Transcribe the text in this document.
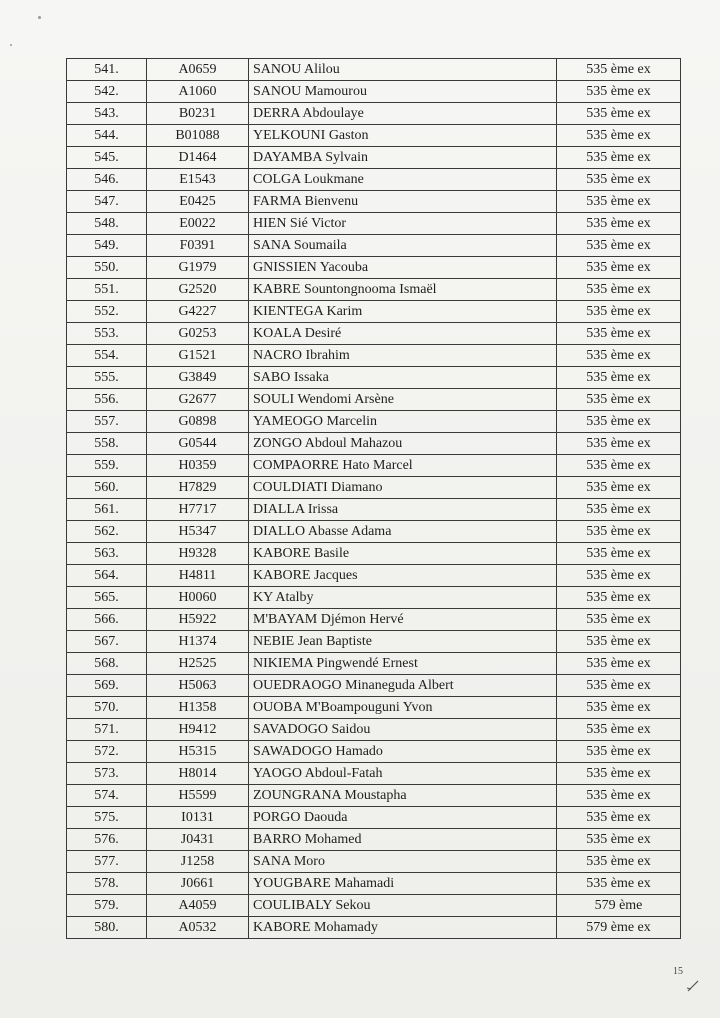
541.	A0659	SANOU Alilou	535 ème ex
542.	A1060	SANOU Mamourou	535 ème ex
543.	B0231	DERRA Abdoulaye	535 ème ex
544.	B01088	YELKOUNI Gaston	535 ème ex
545.	D1464	DAYAMBA Sylvain	535 ème ex
546.	E1543	COLGA Loukmane	535 ème ex
547.	E0425	FARMA Bienvenu	535 ème ex
548.	E0022	HIEN Sié Victor	535 ème ex
549.	F0391	SANA Soumaila	535 ème ex
550.	G1979	GNISSIEN Yacouba	535 ème ex
551.	G2520	KABRE Sountongnooma Ismaël	535 ème ex
552.	G4227	KIENTEGA Karim	535 ème ex
553.	G0253	KOALA Desiré	535 ème ex
554.	G1521	NACRO Ibrahim	535 ème ex
555.	G3849	SABO Issaka	535 ème ex
556.	G2677	SOULI Wendomi Arsène	535 ème ex
557.	G0898	YAMEOGO Marcelin	535 ème ex
558.	G0544	ZONGO Abdoul Mahazou	535 ème ex
559.	H0359	COMPAORRE Hato Marcel	535 ème ex
560.	H7829	COULDIATI Diamano	535 ème ex
561.	H7717	DIALLA Irissa	535 ème ex
562.	H5347	DIALLO Abasse Adama	535 ème ex
563.	H9328	KABORE Basile	535 ème ex
564.	H4811	KABORE Jacques	535 ème ex
565.	H0060	KY Atalby	535 ème ex
566.	H5922	M'BAYAM Djémon Hervé	535 ème ex
567.	H1374	NEBIE Jean Baptiste	535 ème ex
568.	H2525	NIKIEMA Pingwendé Ernest	535 ème ex
569.	H5063	OUEDRAOGO Minaneguda Albert	535 ème ex
570.	H1358	OUOBA M'Boampouguni Yvon	535 ème ex
571.	H9412	SAVADOGO Saidou	535 ème ex
572.	H5315	SAWADOGO Hamado	535 ème ex
573.	H8014	YAOGO Abdoul-Fatah	535 ème ex
574.	H5599	ZOUNGRANA Moustapha	535 ème ex
575.	I0131	PORGO Daouda	535 ème ex
576.	J0431	BARRO Mohamed	535 ème ex
577.	J1258	SANA Moro	535 ème ex
578.	J0661	YOUGBARE Mahamadi	535 ème ex
579.	A4059	COULIBALY Sekou	579 ème
580.	A0532	KABORE Mohamady	579 ème ex
15
